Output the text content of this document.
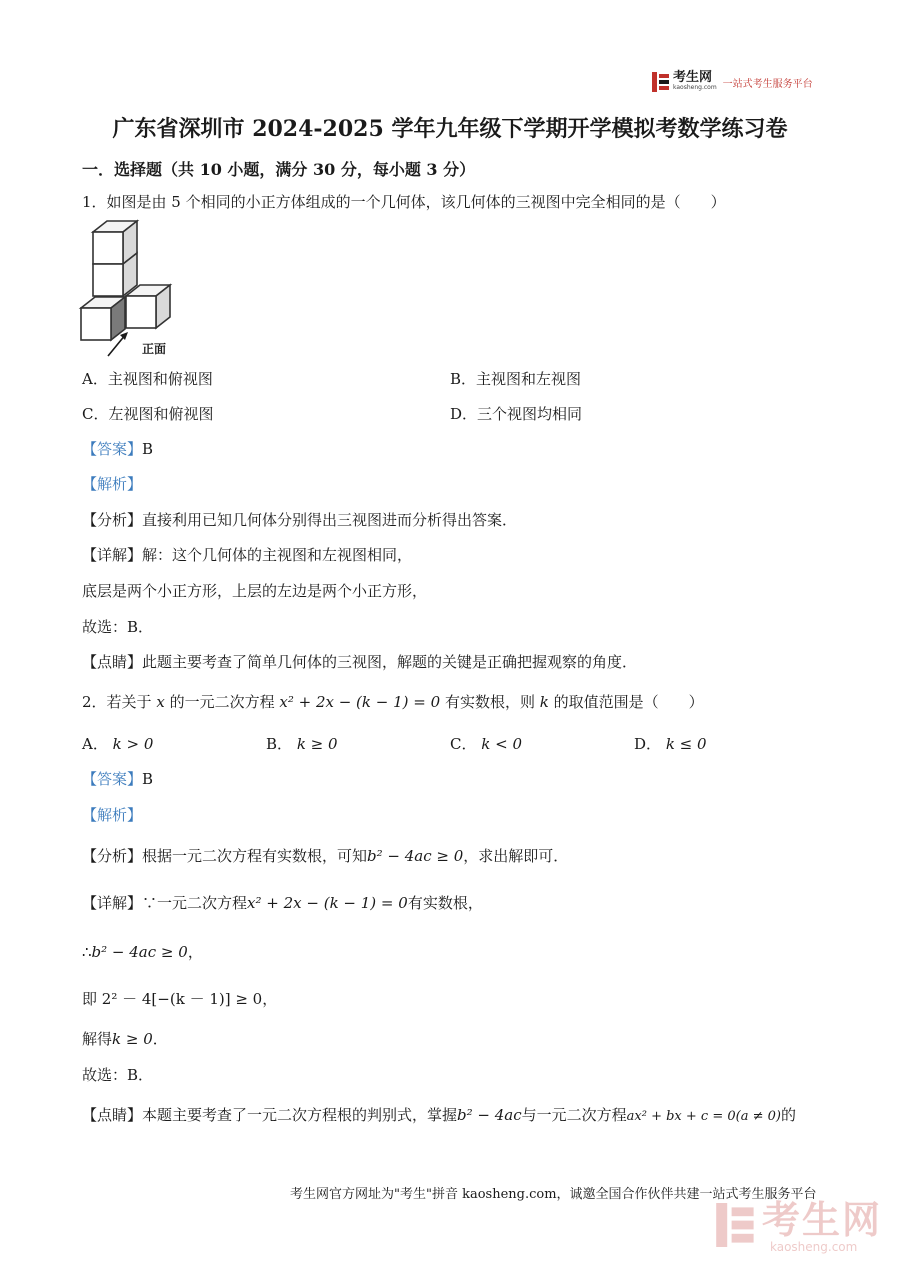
考生网
kaosheng.com 一站式考生服务平台
广东省深圳市 2024-2025 学年九年级下学期开学模拟考数学练习卷
一．选择题（共 10 小题，满分 30 分，每小题 3 分）
1．如图是由 5 个相同的小正方体组成的一个几何体，该几何体的三视图中完全相同的是（　　）
正面
A．主视图和俯视图	B．主视图和左视图
C．左视图和俯视图	D．三个视图均相同
【答案】B
【解析】
【分析】直接利用已知几何体分别得出三视图进而分析得出答案．
【详解】解：这个几何体的主视图和左视图相同，
底层是两个小正方形，上层的左边是两个小正方形，
故选：B．
【点睛】此题主要考查了简单几何体的三视图，解题的关键是正确把握观察的角度．
2．若关于 x 的一元二次方程 x² + 2x − (k − 1) = 0 有实数根，则 k 的取值范围是（　　）
A． k > 0	B． k ≥ 0	C． k < 0	D． k ≤ 0
【答案】B
【解析】
【分析】根据一元二次方程有实数根，可知b² − 4ac ≥ 0，求出解即可．
【详解】∵一元二次方程x² + 2x − (k − 1) = 0有实数根，
∴b² − 4ac ≥ 0，
即 2² － 4[−(k － 1)] ≥ 0，
解得k ≥ 0．
故选：B．
【点睛】本题主要考查了一元二次方程根的判别式，掌握b² − 4ac与一元二次方程ax² + bx + c = 0(a ≠ 0)的
考生网官方网址为"考生"拼音 kaosheng.com，诚邀全国合作伙伴共建一站式考生服务平台
考生网
kaosheng.com
